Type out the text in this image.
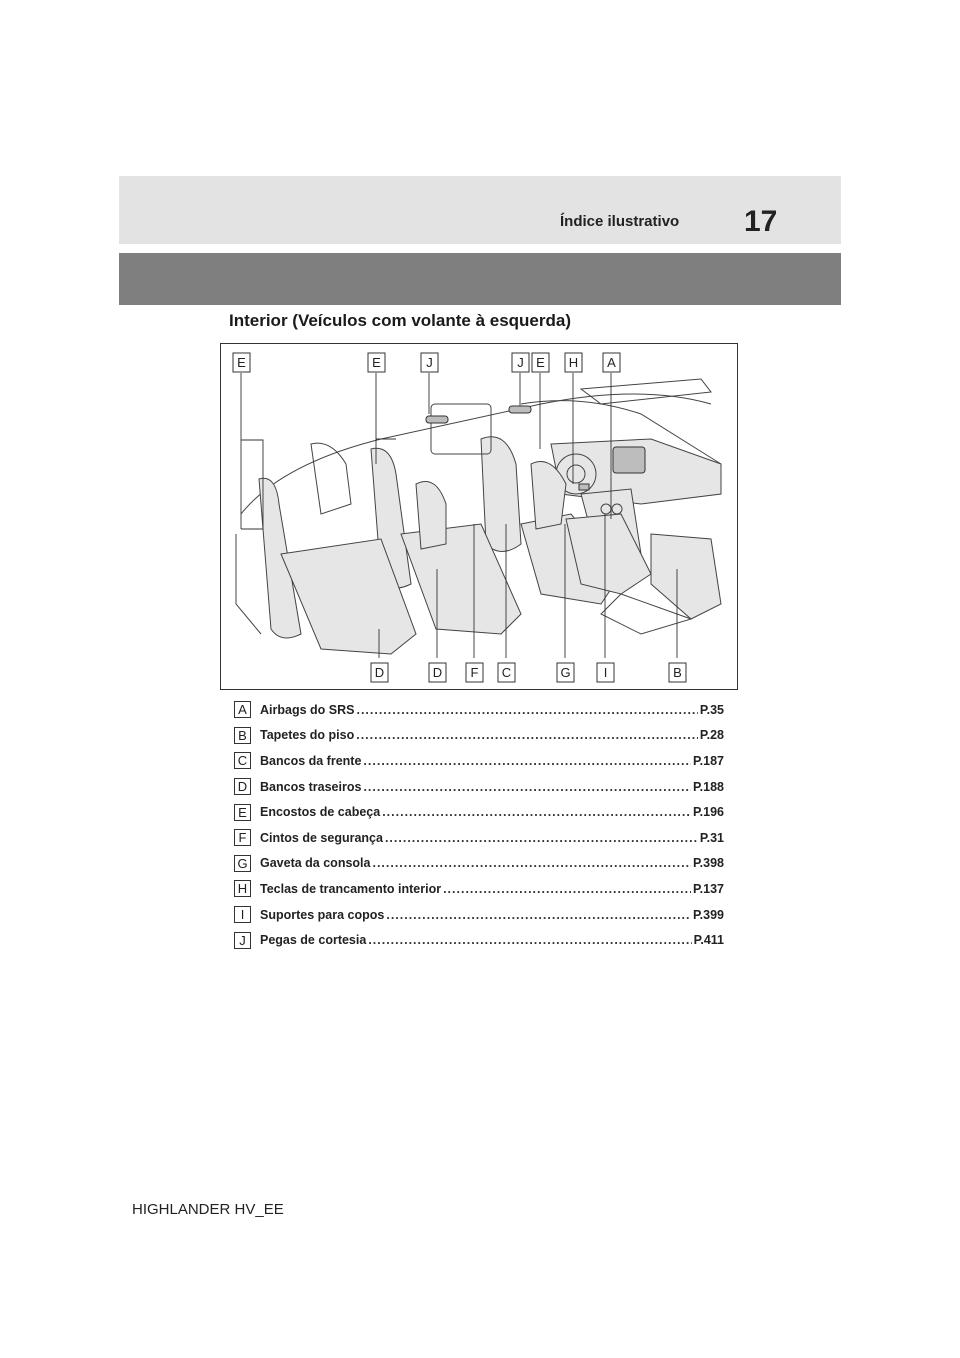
Índice ilustrativo 17
Interior (Veículos com volante à esquerda)
E	E	J	J E H A
D	D F C	G	I	B
A	Airbags do SRS .....	P.35
B	Tapetes do piso .....	P.28
C	Bancos da frente .....	P.187
D	Bancos traseiros .....	P.188
E	Encostos de cabeça .....	P.196
F	Cintos de segurança .....	P.31
G Gaveta da consola .....	P.398
H	Teclas de trancamento interior .....	P.137
I	Suportes para copos .....	P.399
J	Pegas de cortesia .....	P.411
HIGHLANDER HV_EE
